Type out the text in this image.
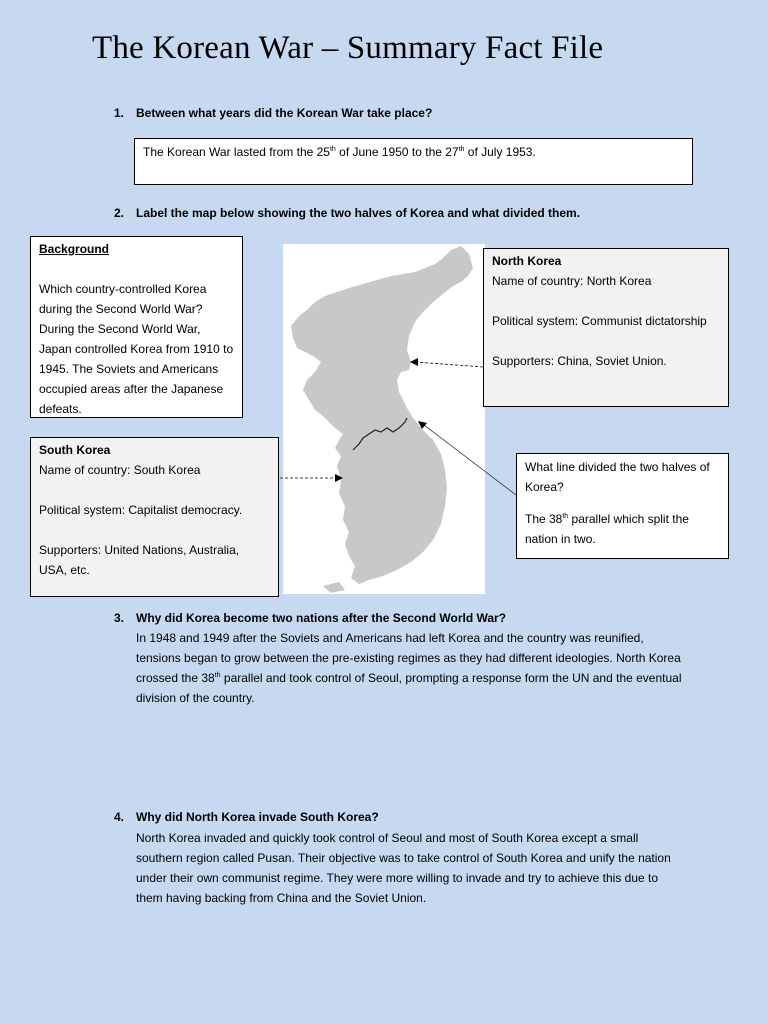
The Korean War – Summary Fact File
1. Between what years did the Korean War take place?
The Korean War lasted from the 25th of June 1950 to the 27th of July 1953.
2. Label the map below showing the two halves of Korea and what divided them.
Background
Which country-controlled Korea during the Second World War? During the Second World War, Japan controlled Korea from 1910 to 1945. The Soviets and Americans occupied areas after the Japanese defeats.
North Korea
Name of country: North Korea
Political system: Communist dictatorship
Supporters: China, Soviet Union.
South Korea
Name of country: South Korea
Political system: Capitalist democracy.
Supporters: United Nations, Australia, USA, etc.
What line divided the two halves of Korea?
The 38th parallel which split the nation in two.
3. Why did Korea become two nations after the Second World War?
In 1948 and 1949 after the Soviets and Americans had left Korea and the country was reunified, tensions began to grow between the pre-existing regimes as they had different ideologies. North Korea crossed the 38th parallel and took control of Seoul, prompting a response form the UN and the eventual division of the country.
4. Why did North Korea invade South Korea?
North Korea invaded and quickly took control of Seoul and most of South Korea except a small southern region called Pusan. Their objective was to take control of South Korea and unify the nation under their own communist regime. They were more willing to invade and try to achieve this due to them having backing from China and the Soviet Union.
